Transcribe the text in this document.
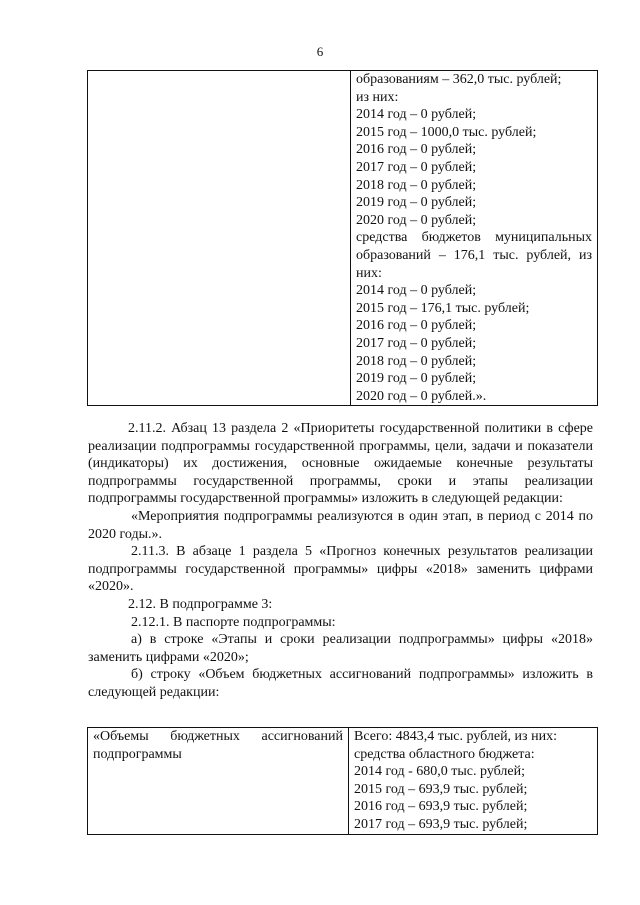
6

образованиям – 362,0 тыс. рублей;
из них:
2014 год – 0 рублей;
2015 год – 1000,0 тыс. рублей;
2016 год – 0 рублей;
2017 год – 0 рублей;
2018 год – 0 рублей;
2019 год – 0 рублей;
2020 год – 0 рублей;
средства бюджетов муниципальных
образований – 176,1 тыс. рублей, из
них:
2014 год – 0 рублей;
2015 год – 176,1 тыс. рублей;
2016 год – 0 рублей;
2017 год – 0 рублей;
2018 год – 0 рублей;
2019 год – 0 рублей;
2020 год – 0 рублей.».

2.11.2. Абзац 13 раздела 2 «Приоритеты государственной политики в сфере реализации подпрограммы государственной программы, цели, задачи и показатели (индикаторы) их достижения, основные ожидаемые конечные результаты подпрограммы государственной программы, сроки и этапы реализации подпрограммы государственной программы» изложить в следующей редакции:

«Мероприятия подпрограммы реализуются в один этап, в период с 2014 по 2020 годы.».

2.11.3. В абзаце 1 раздела 5 «Прогноз конечных результатов реализации подпрограммы государственной программы» цифры «2018» заменить цифрами «2020».

2.12. В подпрограмме 3:

2.12.1. В паспорте подпрограммы:

а) в строке «Этапы и сроки реализации подпрограммы» цифры «2018» заменить цифрами «2020»;

б) строку «Объем бюджетных ассигнований подпрограммы» изложить в следующей редакции:

«Объемы бюджетных ассигнований
подпрограммы

Всего: 4843,4 тыс. рублей, из них:
средства областного бюджета:
2014 год - 680,0 тыс. рублей;
2015 год – 693,9 тыс. рублей;
2016 год – 693,9 тыс. рублей;
2017 год – 693,9 тыс. рублей;
